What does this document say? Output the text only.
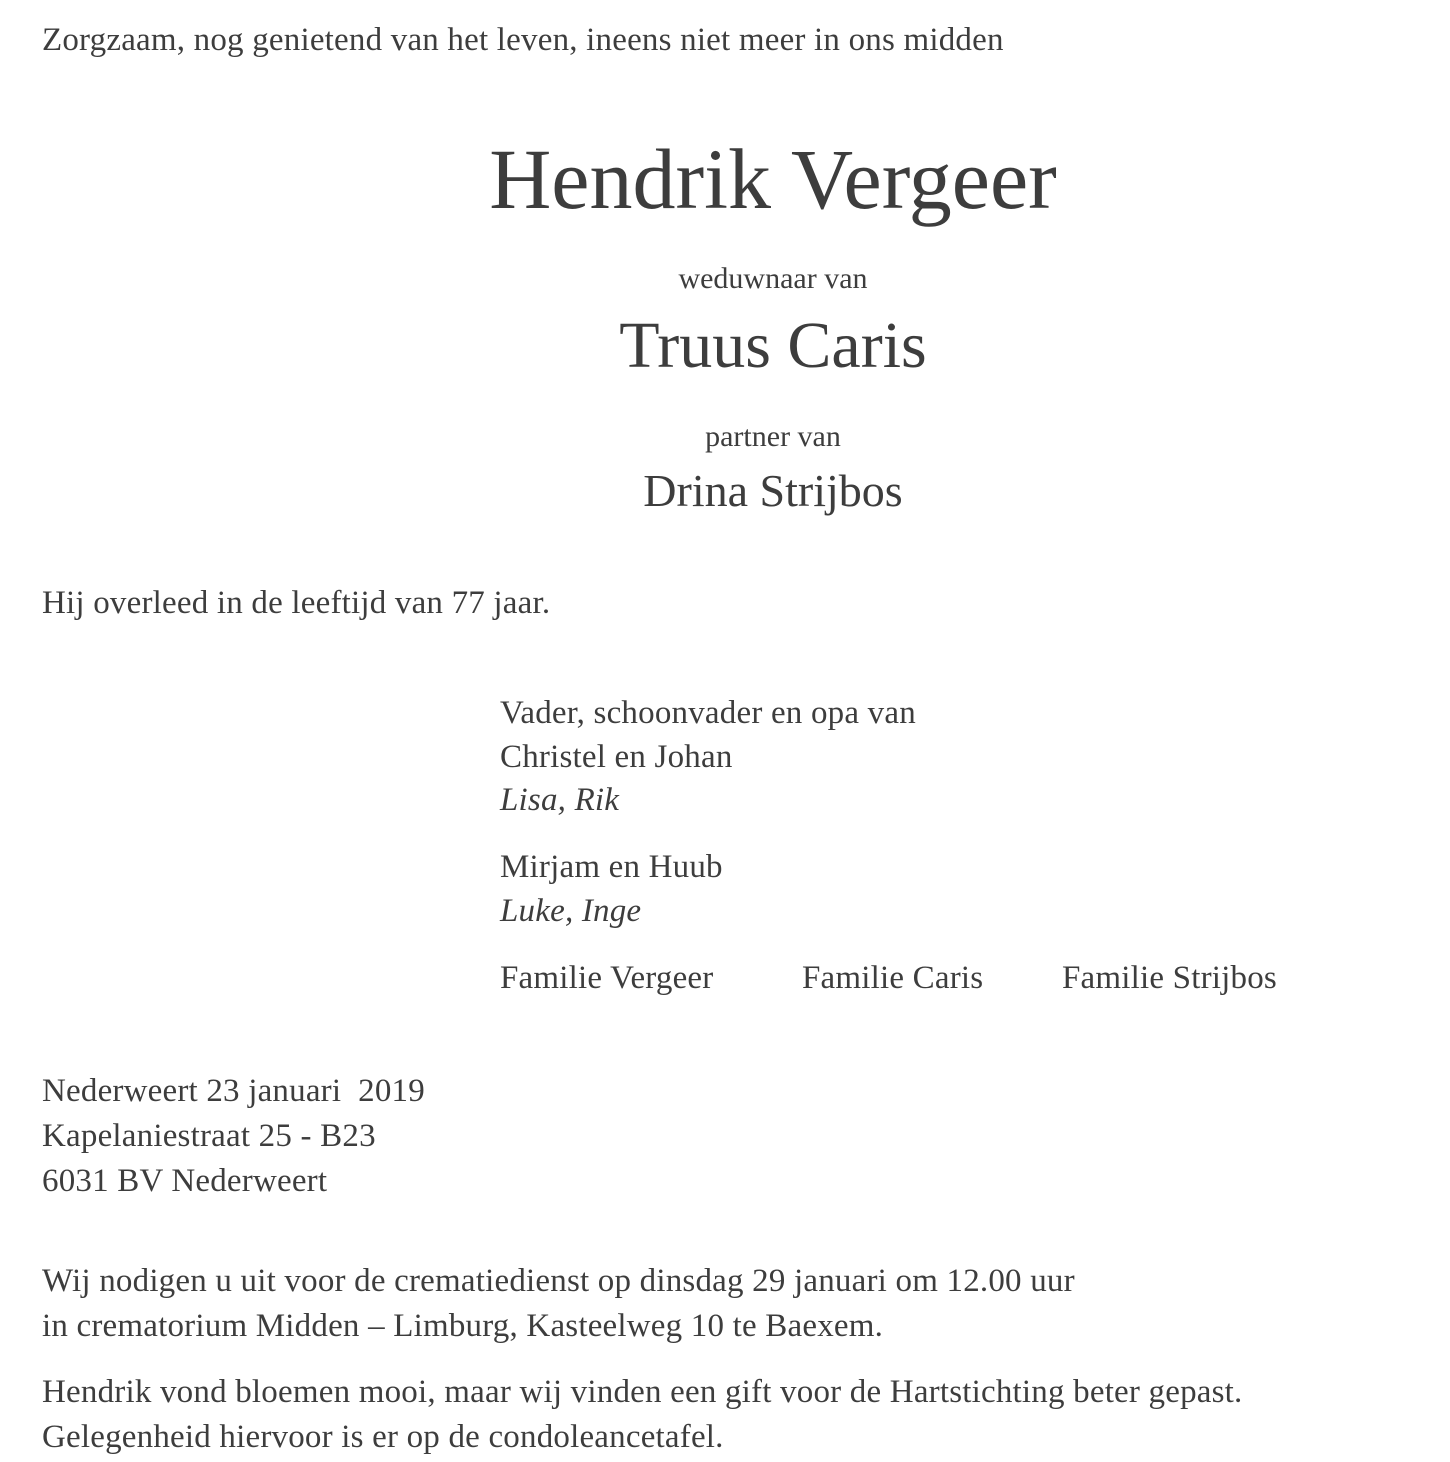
Zorgzaam, nog genietend van het leven, ineens niet meer in ons midden
Hendrik Vergeer
weduwnaar van
Truus Caris
partner van
Drina Strijbos
Hij overleed in de leeftijd van 77 jaar.
Vader, schoonvader en opa van
Christel en Johan
Lisa, Rik
Mirjam en Huub
Luke, Inge
Familie Vergeer	Familie Caris Familie Strijbos
Nederweert 23 januari  2019
Kapelaniestraat 25 - B23
6031 BV Nederweert
Wij nodigen u uit voor de crematiedienst op dinsdag 29 januari om 12.00 uur
in crematorium Midden – Limburg, Kasteelweg 10 te Baexem.
Hendrik vond bloemen mooi, maar wij vinden een gift voor de Hartstichting beter gepast.
Gelegenheid hiervoor is er op de condoleancetafel.
